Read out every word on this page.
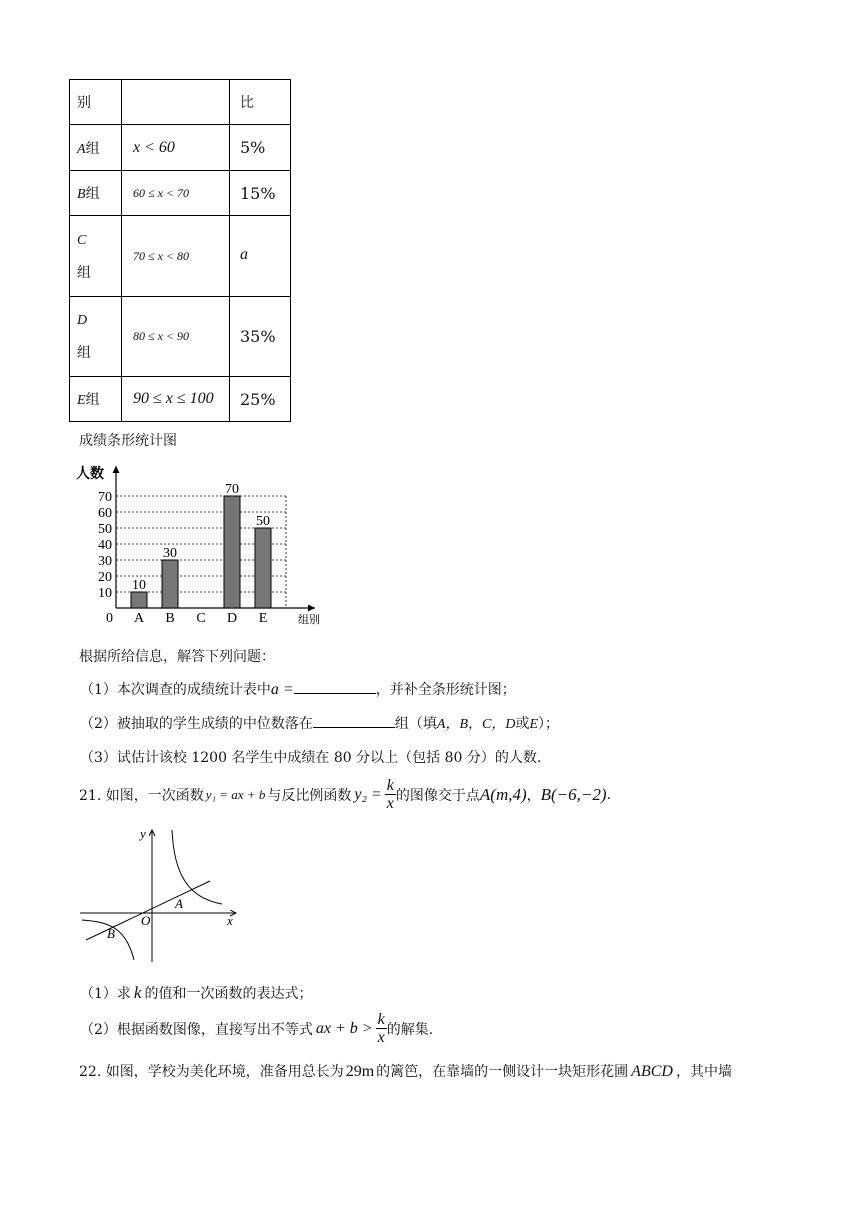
别		比
A组	x < 60	5%
B组	60 ≤ x < 70	15%
C
组	70 ≤ x < 80	a
D
组	80 ≤ x < 90	35%
E组	90 ≤ x ≤ 100	25%
成绩条形统计图
0
10
20
30
40
50
60
70
人数
组别
A
10
B
30
C D
70
E
50
根据所给信息，解答下列问题：
（1）本次调查的成绩统计表中a =	，并补全条形统计图；
（2）被抽取的学生成绩的中位数落在	组（填A，B，C，D或E）；
（3）试估计该校 1200 名学生中成绩在 80 分以上（包括 80 分）的人数.
21. 如图，一次函数 y₁ = ax + b 与反比例函数 $y_2 = \frac{k}{x}$ 的图像交于点 A(m,4) ， B(−6,−2) .
y
x
O
A
B
（1）求 k 的值和一次函数的表达式；
（2）根据函数图像，直接写出不等式 ax + $b > \frac{k}{x}$ 的解集.
22. 如图，学校为美化环境，准备用总长为 29m 的篱笆，在靠墙的一侧设计一块矩形花圃 ABCD ，其中墙
